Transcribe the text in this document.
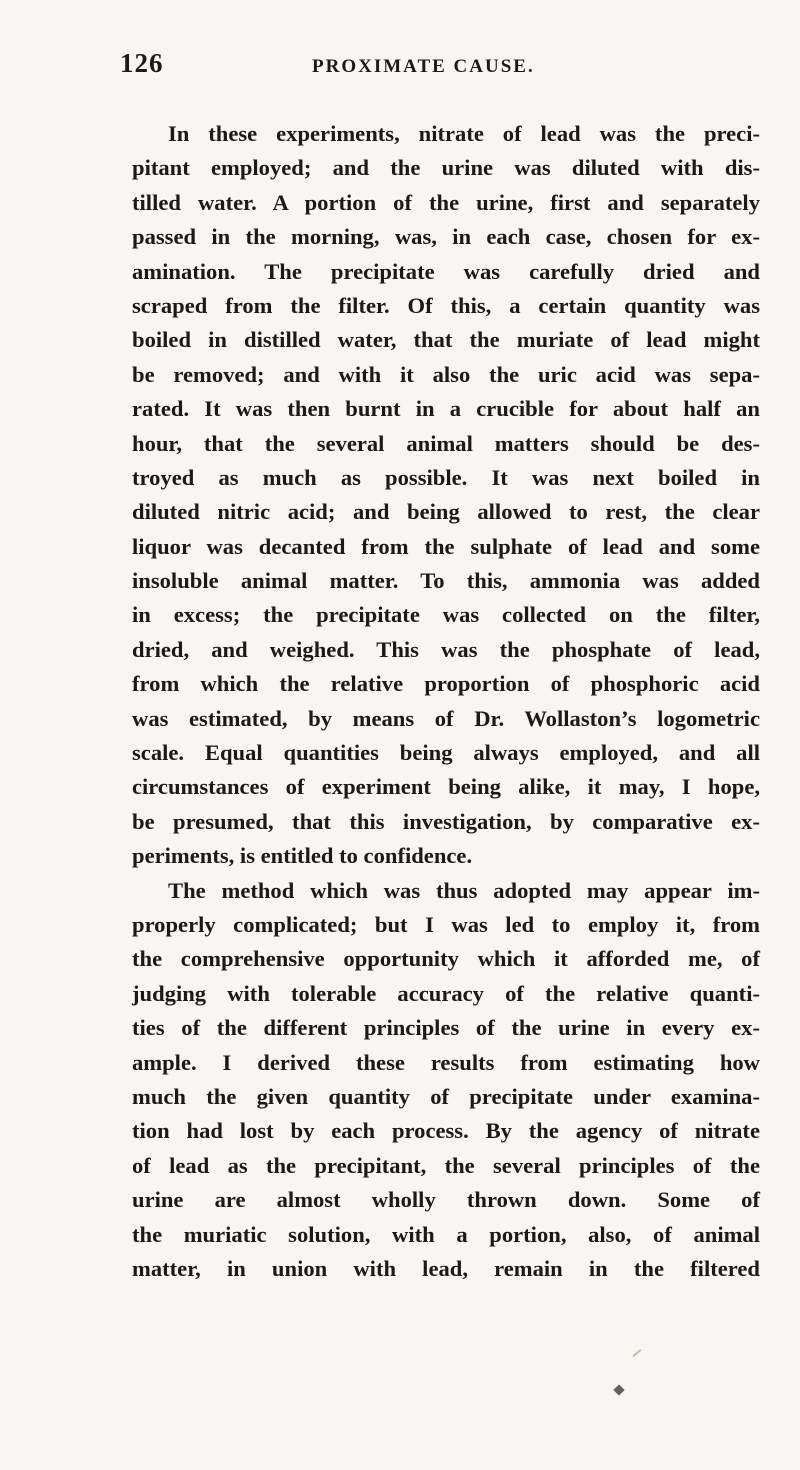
126	PROXIMATE CAUSE.
In these experiments, nitrate of lead was the preci-
pitant employed; and the urine was diluted with dis-
tilled water. A portion of the urine, first and separately
passed in the morning, was, in each case, chosen for ex-
amination. The precipitate was carefully dried and
scraped from the filter. Of this, a certain quantity was
boiled in distilled water, that the muriate of lead might
be removed; and with it also the uric acid was sepa-
rated. It was then burnt in a crucible for about half an
hour, that the several animal matters should be des-
troyed as much as possible. It was next boiled in
diluted nitric acid; and being allowed to rest, the clear
liquor was decanted from the sulphate of lead and some
insoluble animal matter. To this, ammonia was added
in excess; the precipitate was collected on the filter,
dried, and weighed. This was the phosphate of lead,
from which the relative proportion of phosphoric acid
was estimated, by means of Dr. Wollaston’s logometric
scale. Equal quantities being always employed, and all
circumstances of experiment being alike, it may, I hope,
be presumed, that this investigation, by comparative ex-
periments, is entitled to confidence.
The method which was thus adopted may appear im-
properly complicated; but I was led to employ it, from
the comprehensive opportunity which it afforded me, of
judging with tolerable accuracy of the relative quanti-
ties of the different principles of the urine in every ex-
ample. I derived these results from estimating how
much the given quantity of precipitate under examina-
tion had lost by each process. By the agency of nitrate
of lead as the precipitant, the several principles of the
urine are almost wholly thrown down. Some of
the muriatic solution, with a portion, also, of animal
matter, in union with lead, remain in the filtered
